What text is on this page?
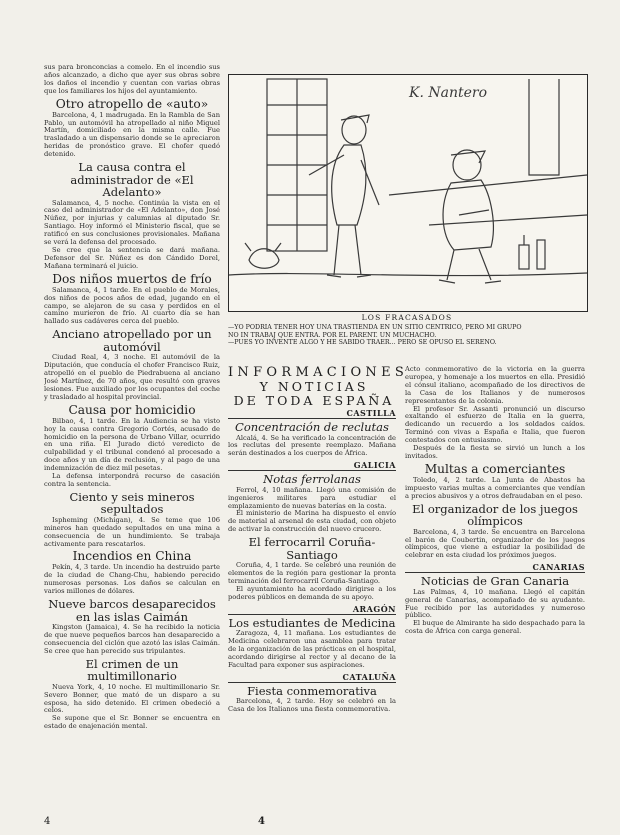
sus para bronconcias a comelo. En el incendio sus años alcanzado, a dicho que ayer sus obras sobre los daños el incendio y cuentan con varias obras que los familiares los hijos del ayuntamiento.

Otro atropello de «auto»

Barcelona, 4, 1 madrugada. En la Rambla de San Pablo, un automóvil ha atropellado al niño Miguel Martín, domiciliado en la misma calle. Fue trasladado a un dispensario donde se le apreciaron heridas de pronóstico grave. El chofer quedó detenido.

La causa contra el administrador de «El Adelanto»

Salamanca, 4, 5 noche. Continúa la vista en el caso del administrador de «El Adelanto», don José Núñez, por injurias y calumnias al diputado Sr. Santiago. Hoy informó el Ministerio fiscal, que se ratificó en sus conclusiones provisionales. Mañana se verá la defensa del procesado.

Se cree que la sentencia se dará mañana. Defensor del Sr. Núñez es don Cándido Dorel, Mañana terminará el juicio.

Dos niños muertos de frío

Salamanca, 4, 1 tarde. En el pueblo de Morales, dos niños de pocos años de edad, jugando en el campo, se alejaron de su casa y perdidos en el camino murieron de frío. Al cuarto día se han hallado sus cadáveres cerca del pueblo.

Anciano atropellado por un automóvil

Ciudad Real, 4, 3 noche. El automóvil de la Diputación, que conducía el chofer Francisco Ruiz, atropelló en el pueblo de Piedrabuena al anciano José Martínez, de 70 años, que resultó con graves lesiones. Fue auxiliado por los ocupantes del coche y trasladado al hospital provincial.

Causa por homicidio

Bilbao, 4, 1 tarde. En la Audiencia se ha visto hoy la causa contra Gregorio Cortés, acusado de homicidio en la persona de Urbano Villar, ocurrido en una riña. El Jurado dictó veredicto de culpabilidad y el tribunal condenó al procesado a doce años y un día de reclusión, y al pago de una indemnización de diez mil pesetas.

La defensa interpondrá recurso de casación contra la sentencia.

Ciento y seis mineros sepultados

Ispheming (Michigan), 4. Se teme que 106 mineros han quedado sepultados en una mina a consecuencia de un hundimiento. Se trabaja activamente para rescatarlos.

Incendios en China

Pekín, 4, 3 tarde. Un incendio ha destruido parte de la ciudad de Chang-Chu, habiendo perecido numerosas personas. Los daños se calculan en varios millones de dólares.

Nueve barcos desaparecidos en las islas Caimán

Kingston (Jamaica), 4. Se ha recibido la noticia de que nueve pequeños barcos han desaparecido a consecuencia del ciclón que azotó las islas Caimán. Se cree que han perecido sus tripulantes.

El crimen de un multimillonario

Nueva York, 4, 10 noche. El multimillonario Sr. Severo Bonner, que mató de un disparo a su esposa, ha sido detenido. El crimen obedeció a celos.

Se supone que el Sr. Bonner se encuentra en estado de enajenación mental.

K. Nantero
LOS FRACASADOS

—YO PODRÍA TENER HOY UNA TRASTIENDA EN UN SITIO CÉNTRICO, PERO MI GRUPO

NO IN TRABAJ QUE ENTRA. POR EL PARENT. UN MUCHACHO.

—PUES YO INVENTÉ ALGO Y HE SABIDO TRAER... PERO SE OPUSO EL SERENO.

INFORMACIONES

Y NOTICIAS

DE TODA ESPAÑA

CASTILLA
Concentración de reclutas

Alcalá, 4. Se ha verificado la concentración de los reclutas del presente reemplazo. Mañana serán destinados a los cuerpos de África.

GALICIA
Notas ferrolanas

Ferrol, 4, 10 mañana. Llegó una comisión de ingenieros militares para estudiar el emplazamiento de nuevas baterías en la costa.

El ministerio de Marina ha dispuesto el envío de material al arsenal de esta ciudad, con objeto de activar la construcción del nuevo crucero.

El ferrocarril Coruña-Santiago

Coruña, 4, 1 tarde. Se celebró una reunión de elementos de la región para gestionar la pronta terminación del ferrocarril Coruña-Santiago.

El ayuntamiento ha acordado dirigirse a los poderes públicos en demanda de su apoyo.

ARAGÓN
Los estudiantes de Medicina

Zaragoza, 4, 11 mañana. Los estudiantes de Medicina celebraron una asamblea para tratar de la organización de las prácticas en el hospital, acordando dirigirse al rector y al decano de la Facultad para exponer sus aspiraciones.

CATALUÑA
Fiesta conmemorativa

Barcelona, 4, 2 tarde. Hoy se celebró en la Casa de los Italianos una fiesta conmemorativa.

Acto conmemorativo de la victoria en la guerra europea, y homenaje a los muertos en ella. Presidió el cónsul italiano, acompañado de los directivos de la Casa de los Italianos y de numerosos representantes de la colonia.

El profesor Sr. Assanti pronunció un discurso exaltando el esfuerzo de Italia en la guerra, dedicando un recuerdo a los soldados caídos. Terminó con vivas a España e Italia, que fueron contestados con entusiasmo.

Después de la fiesta se sirvió un lunch a los invitados.

Multas a comerciantes

Toledo, 4, 2 tarde. La Junta de Abastos ha impuesto varias multas a comerciantes que vendían a precios abusivos y a otros defraudaban en el peso.

El organizador de los juegos olímpicos

Barcelona, 4, 3 tarde. Se encuentra en Barcelona el barón de Coubertin, organizador de los juegos olímpicos, que viene a estudiar la posibilidad de celebrar en esta ciudad los próximos juegos.

CANARIAS
Noticias de Gran Canaria

Las Palmas, 4, 10 mañana. Llegó el capitán general de Canarias, acompañado de su ayudante. Fue recibido por las autoridades y numeroso público.

El buque de Almirante ha sido despachado para la costa de África con carga general.

4	4
